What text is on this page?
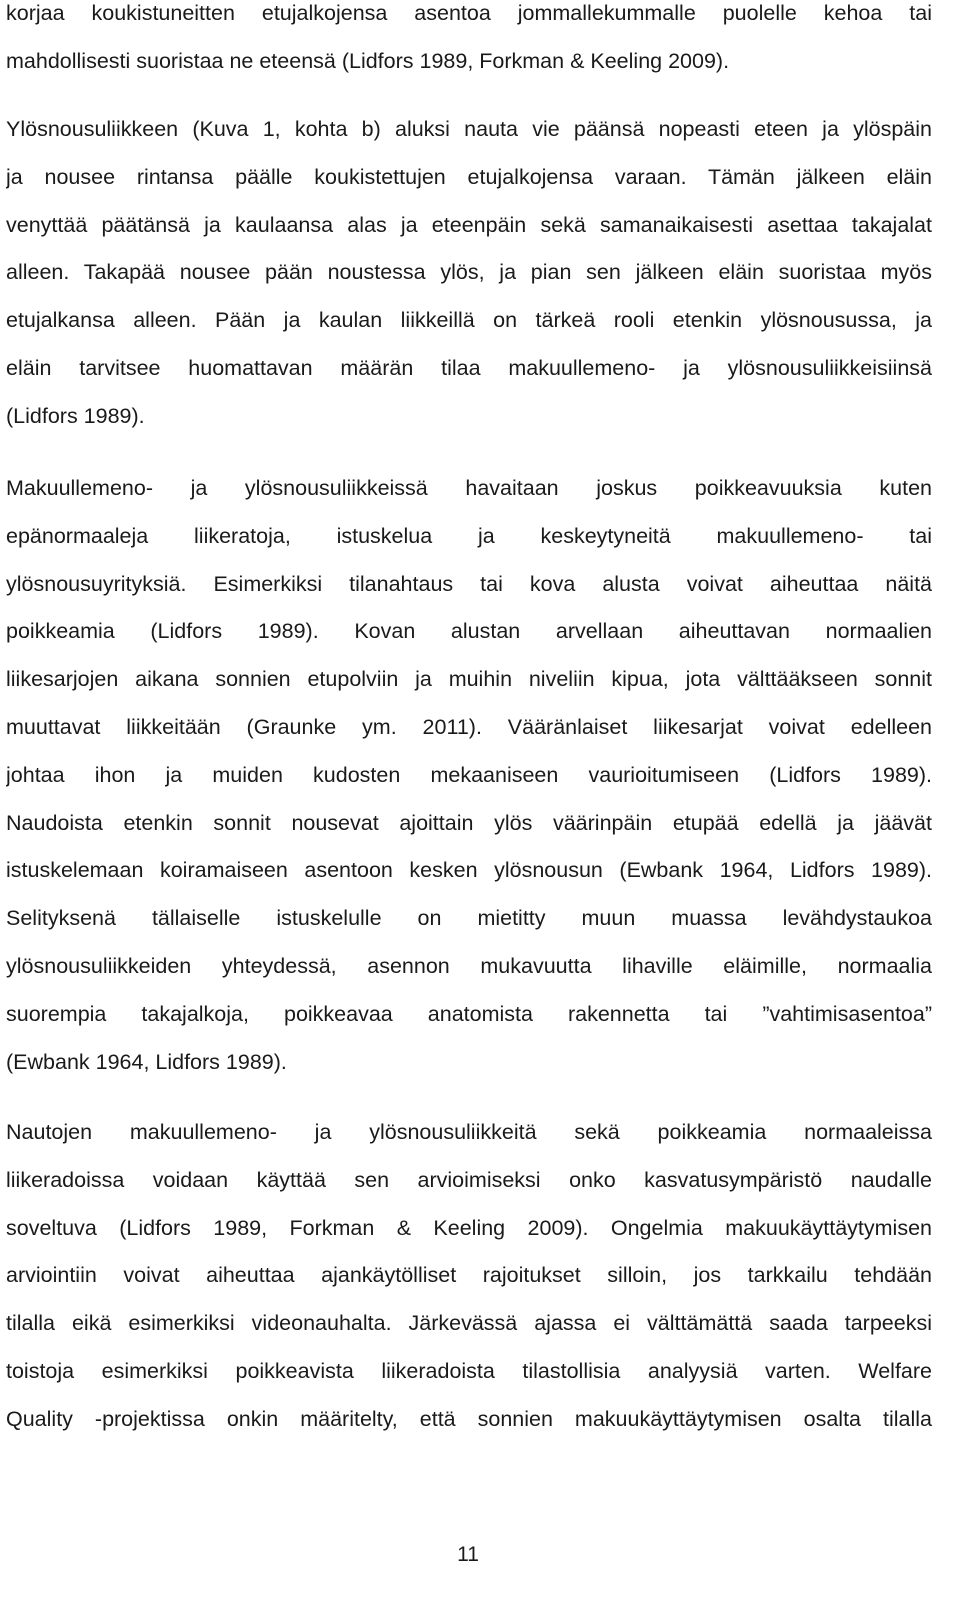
korjaa koukistuneitten etujalkojensa asentoa jommallekummalle puolelle kehoa tai
mahdollisesti suoristaa ne eteensä (Lidfors 1989, Forkman & Keeling 2009).
Ylösnousuliikkeen (Kuva 1, kohta b) aluksi nauta vie päänsä nopeasti eteen ja ylöspäin
ja nousee rintansa päälle koukistettujen etujalkojensa varaan. Tämän jälkeen eläin
venyttää päätänsä ja kaulaansa alas ja eteenpäin sekä samanaikaisesti asettaa takajalat
alleen. Takapää nousee pään noustessa ylös, ja pian sen jälkeen eläin suoristaa myös
etujalkansa alleen. Pään ja kaulan liikkeillä on tärkeä rooli etenkin ylösnousussa, ja
eläin tarvitsee huomattavan määrän tilaa makuullemeno- ja ylösnousuliikkeisiinsä
(Lidfors 1989).
Makuullemeno- ja ylösnousuliikkeissä havaitaan joskus poikkeavuuksia kuten
epänormaaleja liikeratoja, istuskelua ja keskeytyneitä makuullemeno- tai
ylösnousuyrityksiä. Esimerkiksi tilanahtaus tai kova alusta voivat aiheuttaa näitä
poikkeamia (Lidfors 1989). Kovan alustan arvellaan aiheuttavan normaalien
liikesarjojen aikana sonnien etupolviin ja muihin niveliin kipua, jota välttääkseen sonnit
muuttavat liikkeitään (Graunke ym. 2011). Vääränlaiset liikesarjat voivat edelleen
johtaa ihon ja muiden kudosten mekaaniseen vaurioitumiseen (Lidfors 1989).
Naudoista etenkin sonnit nousevat ajoittain ylös väärinpäin etupää edellä ja jäävät
istuskelemaan koiramaiseen asentoon kesken ylösnousun (Ewbank 1964, Lidfors 1989).
Selityksenä tällaiselle istuskelulle on mietitty muun muassa levähdystaukoa
ylösnousuliikkeiden yhteydessä, asennon mukavuutta lihaville eläimille, normaalia
suorempia takajalkoja, poikkeavaa anatomista rakennetta tai ”vahtimisasentoa”
(Ewbank 1964, Lidfors 1989).
Nautojen makuullemeno- ja ylösnousuliikkeitä sekä poikkeamia normaaleissa
liikeradoissa voidaan käyttää sen arvioimiseksi onko kasvatusympäristö naudalle
soveltuva (Lidfors 1989, Forkman & Keeling 2009). Ongelmia makuukäyttäytymisen
arviointiin voivat aiheuttaa ajankäytölliset rajoitukset silloin, jos tarkkailu tehdään
tilalla eikä esimerkiksi videonauhalta. Järkevässä ajassa ei välttämättä saada tarpeeksi
toistoja esimerkiksi poikkeavista liikeradoista tilastollisia analyysiä varten. Welfare
Quality -projektissa onkin määritelty, että sonnien makuukäyttäytymisen osalta tilalla
11
